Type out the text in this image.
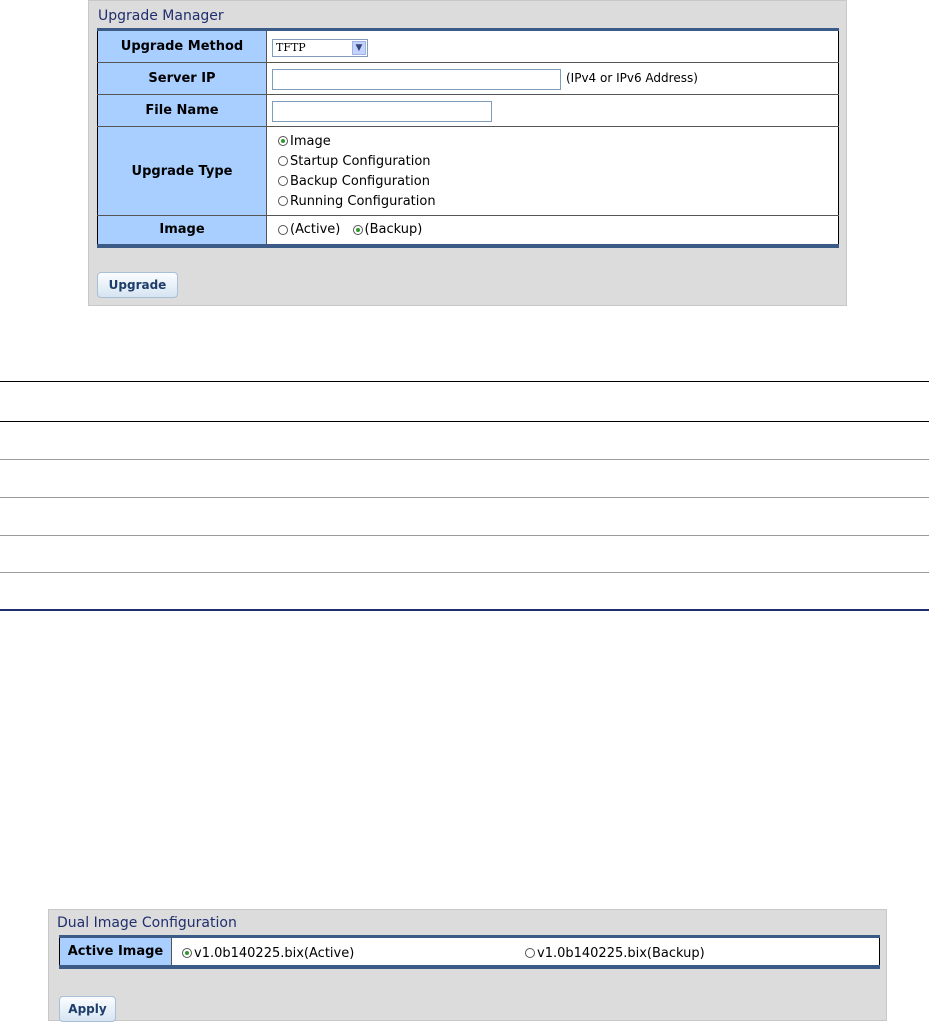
Upgrade Manager
Upgrade Method	TFTP ▼

Server IP	(IPv4 or IPv6 Address)

File Name	

Upgrade Type	Image

Startup Configuration

Backup Configuration

Running Configuration

Image	(Active)
(Backup)
Upgrade
Dual Image Configuration
Active Image	v1.0b140225.bix(Active)	v1.0b140225.bix(Backup)
Apply
